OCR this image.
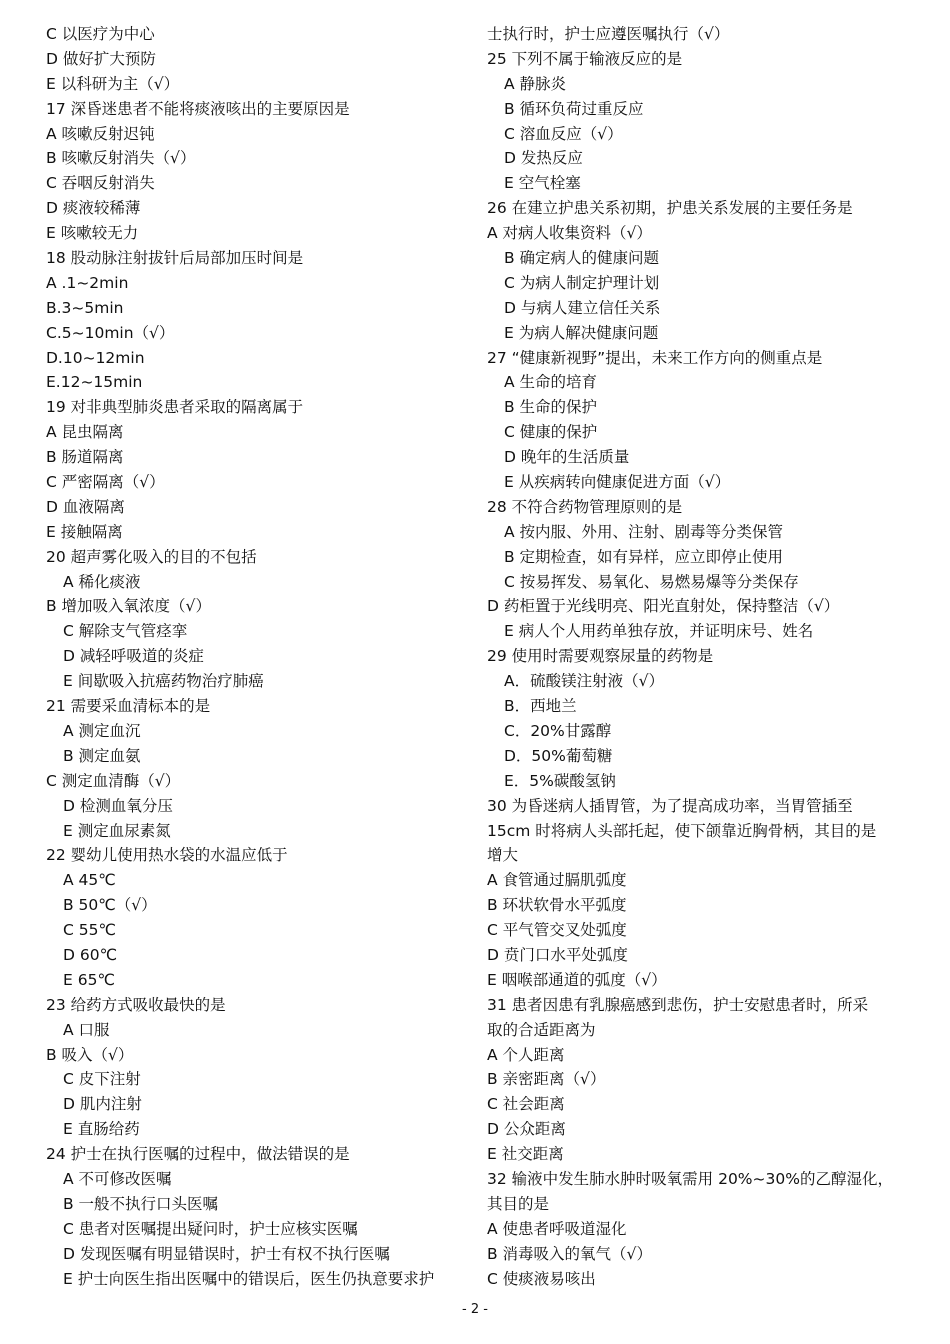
C 以医疗为中心
D 做好扩大预防
E 以科研为主（√）
17 深昏迷患者不能将痰液咳出的主要原因是
A 咳嗽反射迟钝
B 咳嗽反射消失（√）
C 吞咽反射消失
D 痰液较稀薄
E 咳嗽较无力
18 股动脉注射拔针后局部加压时间是
A .1~2min
B.3~5min
C.5~10min（√）
D.10~12min
E.12~15min
19 对非典型肺炎患者采取的隔离属于
A 昆虫隔离
B 肠道隔离
C 严密隔离（√）
D 血液隔离
E 接触隔离
20 超声雾化吸入的目的不包括
A 稀化痰液
B 增加吸入氧浓度（√）
C 解除支气管痉挛
D 减轻呼吸道的炎症
E 间歇吸入抗癌药物治疗肺癌
21 需要采血清标本的是
A 测定血沉
B 测定血氨
C 测定血清酶（√）
D 检测血氧分压
E 测定血尿素氮
22 婴幼儿使用热水袋的水温应低于
A 45℃
B 50℃（√）
C 55℃
D 60℃
E 65℃
23 给药方式吸收最快的是
A 口服
B 吸入（√）
C 皮下注射
D 肌内注射
E 直肠给药
24 护士在执行医嘱的过程中，做法错误的是
A 不可修改医嘱
B 一般不执行口头医嘱
C 患者对医嘱提出疑问时，护士应核实医嘱
D 发现医嘱有明显错误时，护士有权不执行医嘱
E 护士向医生指出医嘱中的错误后，医生仍执意要求护
士执行时，护士应遵医嘱执行（√）
25 下列不属于输液反应的是
A 静脉炎
B 循环负荷过重反应
C 溶血反应（√）
D 发热反应
E 空气栓塞
26 在建立护患关系初期，护患关系发展的主要任务是
A 对病人收集资料（√）
B 确定病人的健康问题
C 为病人制定护理计划
D 与病人建立信任关系
E 为病人解决健康问题
27 “健康新视野”提出，未来工作方向的侧重点是
A 生命的培育
B 生命的保护
C 健康的保护
D 晚年的生活质量
E 从疾病转向健康促进方面（√）
28 不符合药物管理原则的是
A 按内服、外用、注射、剧毒等分类保管
B 定期检查，如有异样，应立即停止使用
C 按易挥发、易氧化、易燃易爆等分类保存
D 药柜置于光线明亮、阳光直射处，保持整洁（√）
E 病人个人用药单独存放，并证明床号、姓名
29 使用时需要观察尿量的药物是
A．硫酸镁注射液（√）
B．西地兰
C．20%甘露醇
D．50%葡萄糖
E．5%碳酸氢钠
30 为昏迷病人插胃管，为了提高成功率，当胃管插至
15cm 时将病人头部托起，使下颌靠近胸骨柄，其目的是
增大
A 食管通过膈肌弧度
B 环状软骨水平弧度
C 平气管交叉处弧度
D 贲门口水平处弧度
E 咽喉部通道的弧度（√）
31 患者因患有乳腺癌感到悲伤，护士安慰患者时，所采
取的合适距离为
A 个人距离
B 亲密距离（√）
C 社会距离
D 公众距离
E 社交距离
32 输液中发生肺水肿时吸氧需用 20%~30%的乙醇湿化，
其目的是
A 使患者呼吸道湿化
B 消毒吸入的氧气（√）
C 使痰液易咳出
- 2 -
